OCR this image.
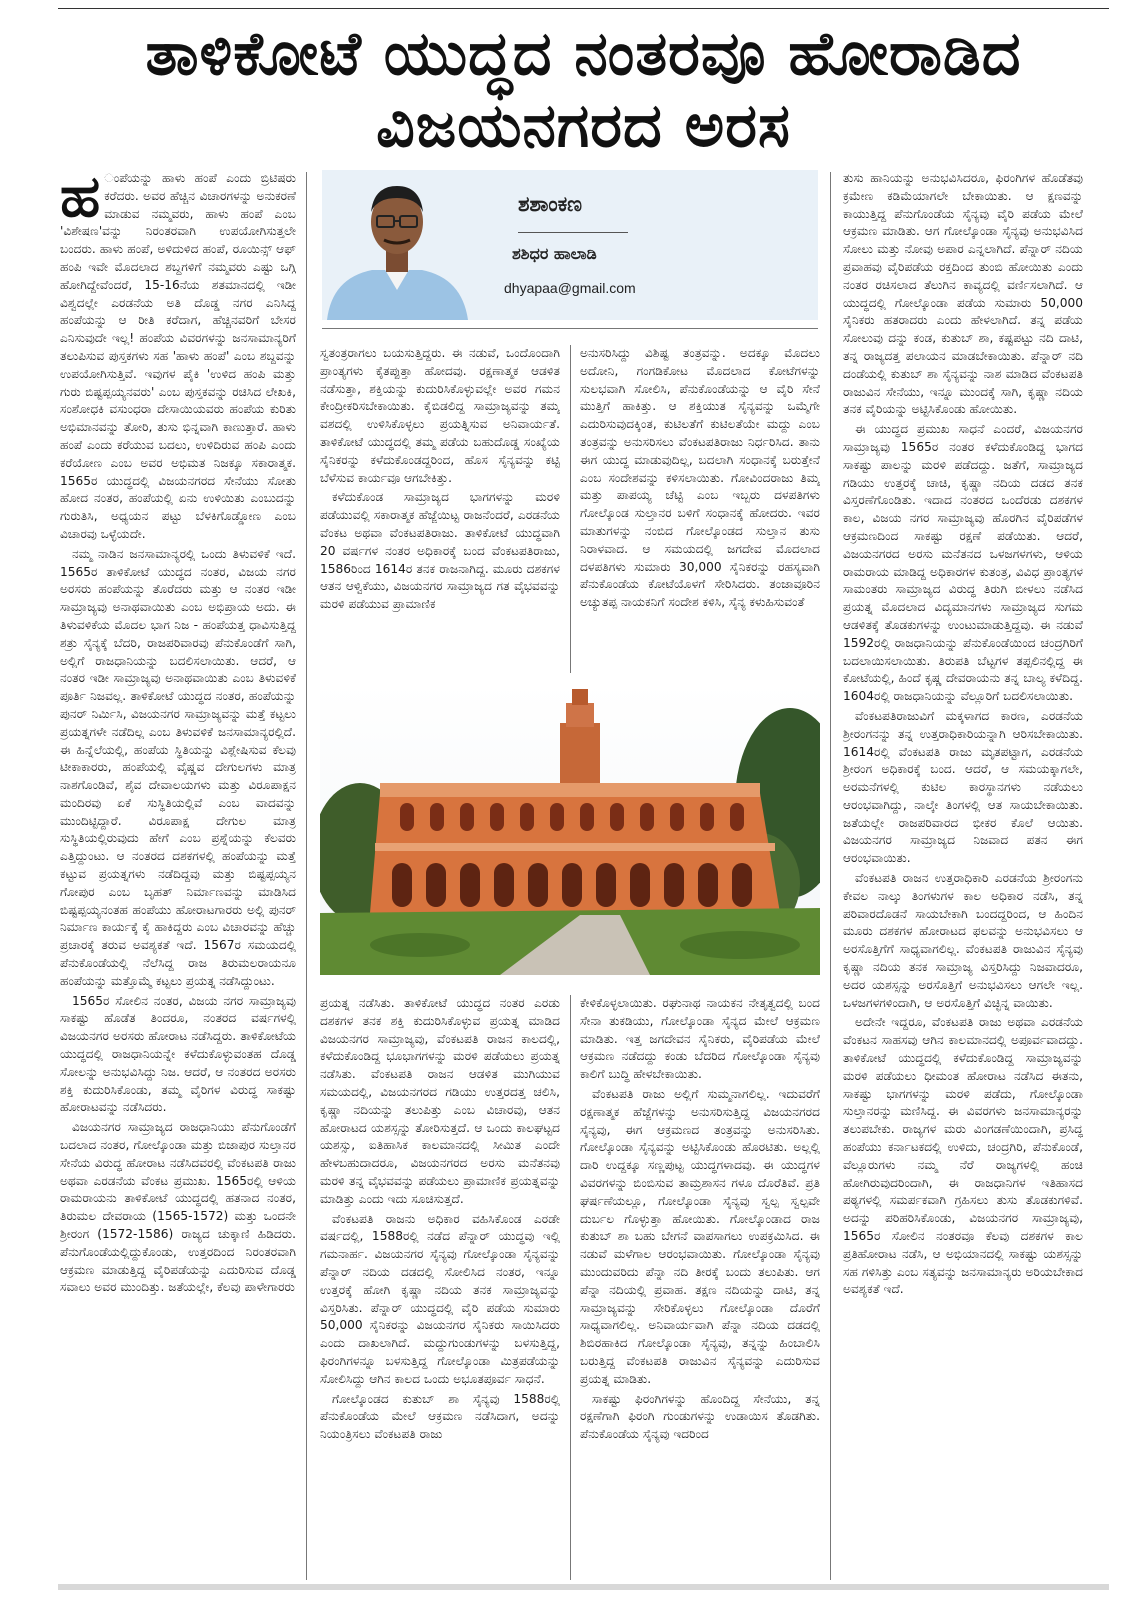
ತಾಳಿಕೋಟೆ ಯುದ್ಧದ ನಂತರವೂ ಹೋರಾಡಿದ
ವಿಜಯನಗರದ ಅರಸ

ಹ ಂಪೆಯನ್ನು ಹಾಳು ಹಂಪೆ ಎಂದು ಬ್ರಿಟಿಷರು ಕರೆದರು. ಅವರ ಹೆಚ್ಚಿನ ವಿಚಾರಗಳನ್ನು ಅನುಕರಣೆ ಮಾಡುವ ನಮ್ಮವರು, ಹಾಳು ಹಂಪೆ ಎಂಬ 'ವಿಶೇಷಣ'ವನ್ನು ನಿರಂತರವಾಗಿ ಉಪಯೋಗಿಸುತ್ತಲೇ ಬಂದರು. ಹಾಳು ಹಂಪೆ, ಅಳಿದುಳಿದ ಹಂಪೆ, ರೂಯಿನ್ಸ್ ಆಫ್ ಹಂಪಿ ಇವೇ ಮೊದಲಾದ ಶಬ್ದಗಳಿಗೆ ನಮ್ಮವರು ಎಷ್ಟು ಒಗ್ಗಿ ಹೋಗಿದ್ದೇವೆಂದರೆ, 15-16ನೆಯ ಶತಮಾನದಲ್ಲಿ ಇಡೀ ವಿಶ್ವದಲ್ಲೇ ಎರಡನೆಯ ಅತಿ ದೊಡ್ಡ ನಗರ ಎನಿಸಿದ್ದ ಹಂಪೆಯನ್ನು ಆ ರೀತಿ ಕರೆದಾಗ, ಹೆಚ್ಚಿನವರಿಗೆ ಬೇಸರ ಎನಿಸುವುದೇ ಇಲ್ಲ! ಹಂಪೆಯ ವಿವರಗಳನ್ನು ಜನಸಾಮಾನ್ಯರಿಗೆ ತಲುಪಿಸುವ ಪುಸ್ತಕಗಳು ಸಹ 'ಹಾಳು ಹಂಪೆ' ಎಂಬ ಶಬ್ದವನ್ನು ಉಪಯೋಗಿಸುತ್ತಿವೆ. ಇವುಗಳ ಪೈಕಿ 'ಉಳಿದ ಹಂಪಿ ಮತ್ತು ಗುರು ಬಿಷ್ಟಪ್ಪಯ್ಯನವರು' ಎಂಬ ಪುಸ್ತಕವನ್ನು ರಚಿಸಿದ ಲೇಖಕಿ, ಸಂಶೋಧಕಿ ವಸುಂಧರಾ ದೇಸಾಯಿಯವರು ಹಂಪೆಯ ಕುರಿತು ಅಭಿಮಾನವನ್ನು ತೋರಿ, ತುಸು ಭಿನ್ನವಾಗಿ ಕಾಣುತ್ತಾರೆ. ಹಾಳು ಹಂಪೆ ಎಂದು ಕರೆಯುವ ಬದಲು, ಉಳಿದಿರುವ ಹಂಪಿ ಎಂದು ಕರೆಯೋಣ ಎಂಬ ಅವರ ಅಭಿಮತ ನಿಜಕ್ಕೂ ಸಕಾರಾತ್ಮಕ. 1565ರ ಯುದ್ಧದಲ್ಲಿ ವಿಜಯನಗರದ ಸೇನೆಯು ಸೋತು ಹೋದ ನಂತರ, ಹಂಪೆಯಲ್ಲಿ ಏನು ಉಳಿಯಿತು ಎಂಬುದನ್ನು ಗುರುತಿಸಿ, ಅಧ್ಯಯನ ಪಟ್ಟು ಬೆಳಕಿಗೊಡ್ಡೋಣ ಎಂಬ ವಿಚಾರವು ಒಳ್ಳೆಯದೇ.

ನಮ್ಮ ನಾಡಿನ ಜನಸಾಮಾನ್ಯರಲ್ಲಿ ಒಂದು ತಿಳುವಳಿಕೆ ಇದೆ. 1565ರ ತಾಳಿಕೋಟೆ ಯುದ್ಧದ ನಂತರ, ವಿಜಯ ನಗರ ಅರಸರು ಹಂಪೆಯನ್ನು ತೊರೆದರು ಮತ್ತು ಆ ನಂತರ ಇಡೀ ಸಾಮ್ರಾಜ್ಯವು ಅನಾಥವಾಯಿತು ಎಂಬ ಅಭಿಪ್ರಾಯ ಅದು. ಈ ತಿಳುವಳಿಕೆಯ ಮೊದಲ ಭಾಗ ನಿಜ - ಹಂಪೆಯತ್ತ ಧಾವಿಸುತ್ತಿದ್ದ ಶತ್ರು ಸೈನ್ಯಕ್ಕೆ ಬೆದರಿ, ರಾಜಪರಿವಾರವು ಪೆನುಕೊಂಡೆಗೆ ಸಾಗಿ, ಅಲ್ಲಿಗೆ ರಾಜಧಾನಿಯನ್ನು ಬದಲಿಸಲಾಯಿತು. ಆದರೆ, ಆ ನಂತರ ಇಡೀ ಸಾಮ್ರಾಜ್ಯವು ಅನಾಥವಾಯಿತು ಎಂಬ ತಿಳುವಳಿಕೆ ಪೂರ್ತಿ ನಿಜವಲ್ಲ. ತಾಳಿಕೋಟೆ ಯುದ್ಧದ ನಂತರ, ಹಂಪೆಯನ್ನು ಪುನರ್ ನಿರ್ಮಿಸಿ, ವಿಜಯನಗರ ಸಾಮ್ರಾಜ್ಯವನ್ನು ಮತ್ತೆ ಕಟ್ಟಲು ಪ್ರಯತ್ನಗಳೇ ನಡೆದಿಲ್ಲ ಎಂಬ ತಿಳುವಳಿಕೆ ಜನಸಾಮಾನ್ಯರಲ್ಲಿದೆ. ಈ ಹಿನ್ನೆಲೆಯಲ್ಲಿ, ಹಂಪೆಯ ಸ್ಥಿತಿಯನ್ನು ವಿಶ್ಲೇಷಿಸುವ ಕೆಲವು ಟೀಕಾಕಾರರು, ಹಂಪೆಯಲ್ಲಿ ವೈಷ್ಣವ ದೇಗುಲಗಳು ಮಾತ್ರ ನಾಶಗೊಂಡಿವೆ, ಶೈವ ದೇವಾಲಯಗಳು ಮತ್ತು ವಿರೂಪಾಕ್ಷನ ಮಂದಿರವು ಏಕೆ ಸುಸ್ಥಿತಿಯಲ್ಲಿವೆ ಎಂಬ ವಾದವನ್ನು ಮುಂದಿಟ್ಟಿದ್ದಾರೆ. ವಿರೂಪಾಕ್ಷ ದೇಗುಲ ಮಾತ್ರ ಸುಸ್ಥಿತಿಯಲ್ಲಿರುವುದು ಹೇಗೆ ಎಂಬ ಪ್ರಶ್ನೆಯನ್ನು ಕೆಲವರು ಎತ್ತಿದ್ದುಂಟು. ಆ ನಂತರದ ದಶಕಗಳಲ್ಲಿ ಹಂಪೆಯನ್ನು ಮತ್ತೆ ಕಟ್ಟುವ ಪ್ರಯತ್ನಗಳು ನಡೆದಿದ್ದವು ಮತ್ತು ಬಿಷ್ಟಪ್ಪಯ್ಯನ ಗೋಪುರ ಎಂಬ ಬೃಹತ್ ನಿರ್ಮಾಣವನ್ನು ಮಾಡಿಸಿದ ಬಿಷ್ಟಪ್ಪಯ್ಯನಂತಹ ಹಂಪೆಯು ಹೋರಾಟಗಾರರು ಅಲ್ಲಿ ಪುನರ್ ನಿರ್ಮಾಣ ಕಾರ್ಯಕ್ಕೆ ಕೈ ಹಾಕಿದ್ದರು ಎಂಬ ವಿಚಾರವನ್ನು ಹೆಚ್ಚು ಪ್ರಚಾರಕ್ಕೆ ತರುವ ಅವಶ್ಯಕತೆ ಇದೆ. 1567ರ ಸಮಯದಲ್ಲಿ ಪೆನುಕೊಂಡೆಯಲ್ಲಿ ನೆಲೆಸಿದ್ದ ರಾಜ ತಿರುಮಲರಾಯನೂ ಹಂಪೆಯನ್ನು ಮತ್ತೊಮ್ಮೆ ಕಟ್ಟಲು ಪ್ರಯತ್ನ ನಡೆಸಿದ್ದುಂಟು.

1565ರ ಸೋಲಿನ ನಂತರ, ವಿಜಯ ನಗರ ಸಾಮ್ರಾಜ್ಯವು ಸಾಕಷ್ಟು ಹೊಡೆತ ತಿಂದರೂ, ನಂತರದ ವರ್ಷಗಳಲ್ಲಿ ವಿಜಯನಗರ ಅರಸರು ಹೋರಾಟ ನಡೆಸಿದ್ದರು. ತಾಳಿಕೋಟೆಯ ಯುದ್ಧದಲ್ಲಿ ರಾಜಧಾನಿಯನ್ನೇ ಕಳೆದುಕೊಳ್ಳುವಂತಹ ದೊಡ್ಡ ಸೋಲನ್ನು ಅನುಭವಿಸಿದ್ದು ನಿಜ. ಆದರೆ, ಆ ನಂತರದ ಅರಸರು ಶಕ್ತಿ ಕುದುರಿಸಿಕೊಂಡು, ತಮ್ಮ ವೈರಿಗಳ ವಿರುದ್ಧ ಸಾಕಷ್ಟು ಹೋರಾಟವನ್ನು ನಡೆಸಿದರು.

ವಿಜಯನಗರ ಸಾಮ್ರಾಜ್ಯದ ರಾಜಧಾನಿಯು ಪೆನುಗೊಂಡೆಗೆ ಬದಲಾದ ನಂತರ, ಗೋಲ್ಕೊಂಡಾ ಮತ್ತು ಬಿಜಾಪುರ ಸುಲ್ತಾನರ ಸೇನೆಯ ವಿರುದ್ಧ ಹೋರಾಟ ನಡೆಸಿದವರಲ್ಲಿ ವೆಂಕಟಪತಿ ರಾಜು ಅಥವಾ ಎರಡನೆಯ ವೆಂಕಟ ಪ್ರಮುಖ. 1565ರಲ್ಲಿ ಆಳಿಯ ರಾಮರಾಯನು ತಾಳಿಕೋಟೆ ಯುದ್ಧದಲ್ಲಿ ಹತನಾದ ನಂತರ, ತಿರುಮಲ ದೇವರಾಯ (1565-1572) ಮತ್ತು ಒಂದನೇ ಶ್ರೀರಂಗ (1572-1586) ರಾಜ್ಯದ ಚುಕ್ಕಾಣಿ ಹಿಡಿದರು. ಪೆನುಗೊಂಡೆಯಲ್ಲಿದ್ದುಕೊಂಡು, ಉತ್ತರದಿಂದ ನಿರಂತರವಾಗಿ ಆಕ್ರಮಣ ಮಾಡುತ್ತಿದ್ದ ವೈರಿಪಡೆಯನ್ನು ಎದುರಿಸುವ ದೊಡ್ಡ ಸವಾಲು ಅವರ ಮುಂದಿತ್ತು. ಜತೆಯಲ್ಲೇ, ಕೆಲವು ಪಾಳೇಗಾರರು

ಶಶಾಂಕಣ
ಶಶಿಧರ ಹಾಲಾಡಿ
dhyapaa@gmail.com

ಸ್ವತಂತ್ರರಾಗಲು ಬಯಸುತ್ತಿದ್ದರು. ಈ ನಡುವೆ, ಒಂದೊಂದಾಗಿ ಪ್ರಾಂತ್ಯಗಳು ಕೈತಪ್ಪುತ್ತಾ ಹೋದವು. ರಕ್ಷಣಾತ್ಮಕ ಆಡಳಿತ ನಡೆಸುತ್ತಾ, ಶಕ್ತಿಯನ್ನು ಕುದುರಿಸಿಕೊಳ್ಳುವಲ್ಲೇ ಅವರ ಗಮನ ಕೇಂದ್ರೀಕರಿಸಬೇಕಾಯಿತು. ಕೈಬಿಡಲಿದ್ದ ಸಾಮ್ರಾಜ್ಯವನ್ನು ತಮ್ಮ ವಶದಲ್ಲಿ ಉಳಿಸಿಕೊಳ್ಳಲು ಪ್ರಯತ್ನಿಸುವ ಅನಿವಾರ್ಯತೆ. ತಾಳಿಕೋಟೆ ಯುದ್ಧದಲ್ಲಿ ತಮ್ಮ ಪಡೆಯ ಬಹುದೊಡ್ಡ ಸಂಖ್ಯೆಯ ಸೈನಿಕರನ್ನು ಕಳೆದುಕೊಂಡದ್ದರಿಂದ, ಹೊಸ ಸೈನ್ಯವನ್ನು ಕಟ್ಟಿ ಬೆಳೆಸುವ ಕಾರ್ಯವೂ ಆಗಬೇಕಿತ್ತು.

ಕಳೆದುಕೊಂಡ ಸಾಮ್ರಾಜ್ಯದ ಭಾಗಗಳನ್ನು ಮರಳಿ ಪಡೆಯುವಲ್ಲಿ ಸಕಾರಾತ್ಮಕ ಹೆಜ್ಜೆಯಿಟ್ಟ ರಾಜನೆಂದರೆ, ಎರಡನೆಯ ವೆಂಕಟ ಅಥವಾ ವೆಂಕಟಪತಿರಾಜು. ತಾಳಿಕೋಟೆ ಯುದ್ಧವಾಗಿ 20 ವರ್ಷಗಳ ನಂತರ ಅಧಿಕಾರಕ್ಕೆ ಬಂದ ವೆಂಕಟಪತಿರಾಜು, 1586ರಿಂದ 1614ರ ತನಕ ರಾಜನಾಗಿದ್ದ. ಮೂರು ದಶಕಗಳ ಆತನ ಆಳ್ವಿಕೆಯು, ವಿಜಯನಗರ ಸಾಮ್ರಾಜ್ಯದ ಗತ ವೈಭವವನ್ನು ಮರಳಿ ಪಡೆಯುವ ಪ್ರಾಮಾಣಿಕ

ಅನುಸರಿಸಿದ್ದು ವಿಶಿಷ್ಟ ತಂತ್ರವನ್ನು. ಅದಕ್ಕೂ ಮೊದಲು ಅದೋನಿ, ಗಂಗಡಿಕೋಟ ಮೊದಲಾದ ಕೋಟೆಗಳನ್ನು ಸುಲಭವಾಗಿ ಸೋಲಿಸಿ, ಪೆನುಕೊಂಡೆಯನ್ನು ಆ ವೈರಿ ಸೇನೆ ಮುತ್ತಿಗೆ ಹಾಕಿತ್ತು. ಆ ಶಕ್ತಿಯುತ ಸೈನ್ಯವನ್ನು ಒಮ್ಮೆಗೇ ಎದುರಿಸುವುದಕ್ಕಿಂತ, ಕುಟಿಲತೆಗೆ ಕುಟಿಲತೆಯೇ ಮದ್ದು ಎಂಬ ತಂತ್ರವನ್ನು ಅನುಸರಿಸಲು ವೆಂಕಟಪತಿರಾಜು ನಿರ್ಧರಿಸಿದ. ತಾನು ಈಗ ಯುದ್ಧ ಮಾಡುವುದಿಲ್ಲ, ಬದಲಾಗಿ ಸಂಧಾನಕ್ಕೆ ಬರುತ್ತೇನೆ ಎಂಬ ಸಂದೇಶವನ್ನು ಕಳಿಸಲಾಯಿತು. ಗೋವಿಂದರಾಜು ತಿಮ್ಮ ಮತ್ತು ಪಾಪಯ್ಯ ಚೆಟ್ಟಿ ಎಂಬ ಇಬ್ಬರು ದಳಪತಿಗಳು ಗೋಲ್ಕೊಂಡ ಸುಲ್ತಾನರ ಬಳಿಗೆ ಸಂಧಾನಕ್ಕೆ ಹೋದರು. ಇವರ ಮಾತುಗಳನ್ನು ನಂಬಿದ ಗೋಲ್ಕೊಂಡದ ಸುಲ್ತಾನ ತುಸು ನಿರಾಳವಾದ. ಆ ಸಮಯದಲ್ಲಿ ಜಗದೇವ ಮೊದಲಾದ ದಳಪತಿಗಳು ಸುಮಾರು 30,000 ಸೈನಿಕರನ್ನು ರಹಸ್ಯವಾಗಿ ಪೆನುಕೊಂಡೆಯ ಕೋಟೆಯೊಳಗೆ ಸೇರಿಸಿದರು. ತಂಜಾವೂರಿನ ಅಚ್ಯುತಪ್ಪ ನಾಯಕನಿಗೆ ಸಂದೇಶ ಕಳಿಸಿ, ಸೈನ್ಯ ಕಳುಹಿಸುವಂತೆ

ಪ್ರಯತ್ನ ನಡೆಸಿತು. ತಾಳಿಕೋಟೆ ಯುದ್ಧದ ನಂತರ ಎರಡು ದಶಕಗಳ ತನಕ ಶಕ್ತಿ ಕುದುರಿಸಿಕೊಳ್ಳುವ ಪ್ರಯತ್ನ ಮಾಡಿದ ವಿಜಯನಗರ ಸಾಮ್ರಾಜ್ಯವು, ವೆಂಕಟಪತಿ ರಾಜನ ಕಾಲದಲ್ಲಿ, ಕಳೆದುಕೊಂಡಿದ್ದ ಭೂಭಾಗಗಳನ್ನು ಮರಳಿ ಪಡೆಯಲು ಪ್ರಯತ್ನ ನಡೆಸಿತು. ವೆಂಕಟಪತಿ ರಾಜನ ಆಡಳಿತ ಮುಗಿಯುವ ಸಮಯದಲ್ಲಿ, ವಿಜಯನಗರದ ಗಡಿಯು ಉತ್ತರದತ್ತ ಚಲಿಸಿ, ಕೃಷ್ಣಾ ನದಿಯನ್ನು ತಲುಪಿತ್ತು ಎಂಬ ವಿಚಾರವು, ಆತನ ಹೋರಾಟದ ಯಶಸ್ಸನ್ನು ತೋರಿಸುತ್ತದೆ. ಆ ಒಂದು ಕಾಲಘಟ್ಟದ ಯಶಸ್ಸು, ಐತಿಹಾಸಿಕ ಕಾಲಮಾನದಲ್ಲಿ ಸೀಮಿತ ಎಂದೇ ಹೇಳಬಹುದಾದರೂ, ವಿಜಯನಗರದ ಅರಸು ಮನೆತನವು ಮರಳಿ ತನ್ನ ವೈಭವವನ್ನು ಪಡೆಯಲು ಪ್ರಾಮಾಣಿಕ ಪ್ರಯತ್ನವನ್ನು ಮಾಡಿತ್ತು ಎಂದು ಇದು ಸೂಚಿಸುತ್ತದೆ.

ವೆಂಕಟಪತಿ ರಾಜನು ಅಧಿಕಾರ ವಹಿಸಿಕೊಂಡ ಎರಡೇ ವರ್ಷದಲ್ಲಿ, 1588ರಲ್ಲಿ ನಡೆದ ಪೆನ್ನಾರ್ ಯುದ್ಧವು ಇಲ್ಲಿ ಗಮನಾರ್ಹ. ವಿಜಯನಗರ ಸೈನ್ಯವು ಗೋಲ್ಕೊಂಡಾ ಸೈನ್ಯವನ್ನು ಪೆನ್ನಾರ್ ನದಿಯ ದಡದಲ್ಲಿ ಸೋಲಿಸಿದ ನಂತರ, ಇನ್ನೂ ಉತ್ತರಕ್ಕೆ ಹೋಗಿ ಕೃಷ್ಣಾ ನದಿಯ ತನಕ ಸಾಮ್ರಾಜ್ಯವನ್ನು ವಿಸ್ತರಿಸಿತು. ಪೆನ್ನಾರ್ ಯುದ್ಧದಲ್ಲಿ ವೈರಿ ಪಡೆಯ ಸುಮಾರು 50,000 ಸೈನಿಕರನ್ನು ವಿಜಯನಗರ ಸೈನಿಕರು ಸಾಯಿಸಿದರು ಎಂದು ದಾಖಲಾಗಿದೆ. ಮದ್ದುಗುಂಡುಗಳನ್ನು ಬಳಸುತ್ತಿದ್ದ, ಫಿರಂಗಿಗಳನ್ನೂ ಬಳಸುತ್ತಿದ್ದ ಗೋಲ್ಕೊಂಡಾ ಮಿತ್ರಪಡೆಯನ್ನು ಸೋಲಿಸಿದ್ದು ಆಗಿನ ಕಾಲದ ಒಂದು ಅಭೂತಪೂರ್ವ ಸಾಧನೆ.

ಗೋಲ್ಕೊಂಡದ ಕುತುಬ್ ಶಾ ಸೈನ್ಯವು 1588ರಲ್ಲಿ ಪೆನುಕೊಂಡೆಯ ಮೇಲೆ ಆಕ್ರಮಣ ನಡೆಸಿದಾಗ, ಅದನ್ನು ನಿಯಂತ್ರಿಸಲು ವೆಂಕಟಪತಿ ರಾಜು

ಕೇಳಿಕೊಳ್ಳಲಾಯಿತು. ರಘುನಾಥ ನಾಯಕನ ನೇತೃತ್ವದಲ್ಲಿ ಬಂದ ಸೇನಾ ತುಕಡಿಯು, ಗೋಲ್ಕೊಂಡಾ ಸೈನ್ಯದ ಮೇಲೆ ಆಕ್ರಮಣ ಮಾಡಿತು. ಇತ್ತ ಜಗದೇವನ ಸೈನಿಕರು, ವೈರಿಪಡೆಯ ಮೇಲೆ ಆಕ್ರಮಣ ನಡೆದದ್ದು ಕಂಡು ಬೆದರಿದ ಗೋಲ್ಕೊಂಡಾ ಸೈನ್ಯವು ಕಾಲಿಗೆ ಬುದ್ಧಿ ಹೇಳಬೇಕಾಯಿತು.

ವೆಂಕಟಪತಿ ರಾಜು ಅಲ್ಲಿಗೆ ಸುಮ್ಮನಾಗಲಿಲ್ಲ. ಇದುವರೆಗೆ ರಕ್ಷಣಾತ್ಮಕ ಹೆಜ್ಜೆಗಳನ್ನು ಅನುಸರಿಸುತ್ತಿದ್ದ ವಿಜಯನಗರದ ಸೈನ್ಯವು, ಈಗ ಆಕ್ರಮಣದ ತಂತ್ರವನ್ನು ಅನುಸರಿಸಿತು. ಗೋಲ್ಕೊಂಡಾ ಸೈನ್ಯವನ್ನು ಅಟ್ಟಿಸಿಕೊಂಡು ಹೊರಟಿತು. ಅಲ್ಲಲ್ಲಿ ದಾರಿ ಉದ್ದಕ್ಕೂ ಸಣ್ಣಪುಟ್ಟ ಯುದ್ಧಗಳಾದವು. ಈ ಯುದ್ಧಗಳ ವಿವರಗಳನ್ನು ಬಿಂಬಿಸುವ ತಾಮ್ರಶಾಸನ ಗಳೂ ದೊರೆತಿವೆ. ಪ್ರತಿ ಘರ್ಷಣೆಯಲ್ಲೂ, ಗೋಲ್ಕೊಂಡಾ ಸೈನ್ಯವು ಸ್ವಲ್ಪ ಸ್ವಲ್ಪವೇ ದುರ್ಬಲ ಗೊಳ್ಳುತ್ತಾ ಹೋಯಿತು. ಗೋಲ್ಕೊಂಡಾದ ರಾಜ ಕುತುಬ್ ಶಾ ಬಹು ಬೇಗನೆ ವಾಪಸಾಗಲು ಉಪಕ್ರಮಿಸಿದ. ಈ ನಡುವೆ ಮಳೆಗಾಲ ಆರಂಭವಾಯಿತು. ಗೋಲ್ಕೊಂಡಾ ಸೈನ್ಯವು ಮುಂದುವರಿದು ಪೆನ್ನಾ ನದಿ ತೀರಕ್ಕೆ ಬಂದು ತಲುಪಿತು. ಆಗ ಪೆನ್ನಾ ನದಿಯಲ್ಲಿ ಪ್ರವಾಹ. ತಕ್ಷಣ ನದಿಯನ್ನು ದಾಟಿ, ತನ್ನ ಸಾಮ್ರಾಜ್ಯವನ್ನು ಸೇರಿಕೊಳ್ಳಲು ಗೋಲ್ಕೊಂಡಾ ದೊರೆಗೆ ಸಾಧ್ಯವಾಗಲಿಲ್ಲ. ಅನಿವಾರ್ಯವಾಗಿ ಪೆನ್ನಾ ನದಿಯ ದಡದಲ್ಲಿ ಶಿಬಿರಹಾಕಿದ ಗೋಲ್ಕೊಂಡಾ ಸೈನ್ಯವು, ತನ್ನನ್ನು ಹಿಂಬಾಲಿಸಿ ಬರುತ್ತಿದ್ದ ವೆಂಕಟಪತಿ ರಾಜುವಿನ ಸೈನ್ಯವನ್ನು ಎದುರಿಸುವ ಪ್ರಯತ್ನ ಮಾಡಿತು.

ಸಾಕಷ್ಟು ಫಿರಂಗಿಗಳನ್ನು ಹೊಂದಿದ್ದ ಸೇನೆಯು, ತನ್ನ ರಕ್ಷಣೆಗಾಗಿ ಫಿರಂಗಿ ಗುಂಡುಗಳನ್ನು ಉಡಾಯಿಸ ತೊಡಗಿತು. ಪೆನುಕೊಂಡೆಯ ಸೈನ್ಯವು ಇದರಿಂದ

ತುಸು ಹಾನಿಯನ್ನು ಅನುಭವಿಸಿದರೂ, ಫಿರಂಗಿಗಳ ಹೊಡೆತವು ಕ್ರಮೇಣ ಕಡಿಮೆಯಾಗಲೇ ಬೇಕಾಯಿತು. ಆ ಕ್ಷಣವನ್ನು ಕಾಯುತ್ತಿದ್ದ ಪೆನುಗೊಂಡೆಯ ಸೈನ್ಯವು ವೈರಿ ಪಡೆಯ ಮೇಲೆ ಆಕ್ರಮಣ ಮಾಡಿತು. ಆಗ ಗೋಲ್ಕೊಂಡಾ ಸೈನ್ಯವು ಅನುಭವಿಸಿದ ಸೋಲು ಮತ್ತು ನೋವು ಅಪಾರ ಎನ್ನಲಾಗಿದೆ. ಪೆನ್ನಾರ್ ನದಿಯ ಪ್ರವಾಹವು ವೈರಿಪಡೆಯ ರಕ್ತದಿಂದ ತುಂಬಿ ಹೋಯಿತು ಎಂದು ನಂತರ ರಚಿಸಲಾದ ತೆಲುಗಿನ ಕಾವ್ಯದಲ್ಲಿ ವರ್ಣಿಸಲಾಗಿದೆ. ಆ ಯುದ್ಧದಲ್ಲಿ ಗೋಲ್ಕೊಂಡಾ ಪಡೆಯ ಸುಮಾರು 50,000 ಸೈನಿಕರು ಹತರಾದರು ಎಂದು ಹೇಳಲಾಗಿದೆ. ತನ್ನ ಪಡೆಯ ಸೋಲುವು ದನ್ನು ಕಂಡ, ಕುತುಬ್ ಶಾ, ಕಷ್ಟಪಟ್ಟು ನದಿ ದಾಟಿ, ತನ್ನ ರಾಜ್ಯದತ್ತ ಪಲಾಯನ ಮಾಡಬೇಕಾಯಿತು. ಪೆನ್ನಾರ್ ನದಿ ದಂಡೆಯಲ್ಲಿ ಕುತುಬ್ ಶಾ ಸೈನ್ಯವನ್ನು ನಾಶ ಮಾಡಿದ ವೆಂಕಟಪತಿ ರಾಜುವಿನ ಸೇನೆಯು, ಇನ್ನೂ ಮುಂದಕ್ಕೆ ಸಾಗಿ, ಕೃಷ್ಣಾ ನದಿಯ ತನಕ ವೈರಿಯನ್ನು ಅಟ್ಟಿಸಿಕೊಂಡು ಹೋಯಿತು.

ಈ ಯುದ್ಧದ ಪ್ರಮುಖ ಸಾಧನೆ ಎಂದರೆ, ವಿಜಯನಗರ ಸಾಮ್ರಾಜ್ಯವು 1565ರ ನಂತರ ಕಳೆದುಕೊಂಡಿದ್ದ ಭಾಗದ ಸಾಕಷ್ಟು ಪಾಲನ್ನು ಮರಳಿ ಪಡೆದದ್ದು. ಜತೆಗೆ, ಸಾಮ್ರಾಜ್ಯದ ಗಡಿಯು ಉತ್ತರಕ್ಕೆ ಚಾಚಿ, ಕೃಷ್ಣಾ ನದಿಯ ದಡದ ತನಕ ವಿಸ್ತರಣೆಗೊಂಡಿತು. ಇದಾದ ನಂತರದ ಒಂದೆರಡು ದಶಕಗಳ ಕಾಲ, ವಿಜಯ ನಗರ ಸಾಮ್ರಾಜ್ಯವು ಹೊರಗಿನ ವೈರಿಪಡೆಗಳ ಆಕ್ರಮಣದಿಂದ ಸಾಕಷ್ಟು ರಕ್ಷಣೆ ಪಡೆಯಿತು. ಆದರೆ, ವಿಜಯನಗರದ ಅರಸು ಮನೆತನದ ಒಳಜಗಳಗಳು, ಆಳಿಯ ರಾಮರಾಯ ಮಾಡಿದ್ದ ಅಧಿಕಾರಗಳ ಕುತಂತ್ರ, ವಿವಿಧ ಪ್ರಾಂತ್ಯಗಳ ಸಾಮಂತರು ಸಾಮ್ರಾಜ್ಯದ ವಿರುದ್ಧ ತಿರುಗಿ ಬೀಳಲು ನಡೆಸಿದ ಪ್ರಯತ್ನ ಮೊದಲಾದ ವಿದ್ಯಮಾನಗಳು ಸಾಮ್ರಾಜ್ಯದ ಸುಗಮ ಆಡಳಿತಕ್ಕೆ ತೊಡಕುಗಳನ್ನು ಉಂಟುಮಾಡುತ್ತಿದ್ದವು. ಈ ನಡುವೆ 1592ರಲ್ಲಿ ರಾಜಧಾನಿಯನ್ನು ಪೆನುಕೊಂಡೆಯಿಂದ ಚಂದ್ರಗಿರಿಗೆ ಬದಲಾಯಿಸಲಾಯಿತು. ತಿರುಪತಿ ಬೆಟ್ಟಗಳ ತಪ್ಪಲಿನಲ್ಲಿದ್ದ ಈ ಕೋಟೆಯಲ್ಲಿ, ಹಿಂದೆ ಕೃಷ್ಣ ದೇವರಾಯನು ತನ್ನ ಬಾಲ್ಯ ಕಳೆದಿದ್ದ. 1604ರಲ್ಲಿ ರಾಜಧಾನಿಯನ್ನು ವೆಲ್ಲೂರಿಗೆ ಬದಲಿಸಲಾಯಿತು.

ವೆಂಕಟಪತಿರಾಜುವಿಗೆ ಮಕ್ಕಳಾಗದ ಕಾರಣ, ಎರಡನೆಯ ಶ್ರೀರಂಗನನ್ನು ತನ್ನ ಉತ್ತರಾಧಿಕಾರಿಯನ್ನಾಗಿ ಆರಿಸಬೇಕಾಯಿತು. 1614ರಲ್ಲಿ ವೆಂಕಟಪತಿ ರಾಜು ಮೃತಪಟ್ಟಾಗ, ಎರಡನೆಯ ಶ್ರೀರಂಗ ಅಧಿಕಾರಕ್ಕೆ ಬಂದ. ಆದರೆ, ಆ ಸಮಯಕ್ಕಾಗಲೇ, ಅರಮನೆಗಳಲ್ಲಿ ಕುಟಿಲ ಕಾರಸ್ಥಾನಗಳು ನಡೆಯಲು ಆರಂಭವಾಗಿದ್ದು, ನಾಲ್ಕೇ ತಿಂಗಳಲ್ಲಿ ಆತ ಸಾಯಬೇಕಾಯಿತು. ಜತೆಯಲ್ಲೇ ರಾಜಪರಿವಾರದ ಭೀಕರ ಕೊಲೆ ಆಯಿತು. ವಿಜಯನಗರ ಸಾಮ್ರಾಜ್ಯದ ನಿಜವಾದ ಪತನ ಈಗ ಆರಂಭವಾಯಿತು.

ವೆಂಕಟಪತಿ ರಾಜನ ಉತ್ತರಾಧಿಕಾರಿ ಎರಡನೆಯ ಶ್ರೀರಂಗನು ಕೇವಲ ನಾಲ್ಕು ತಿಂಗಳುಗಳ ಕಾಲ ಅಧಿಕಾರ ನಡೆಸಿ, ತನ್ನ ಪರಿವಾರದೊಡನೆ ಸಾಯಬೇಕಾಗಿ ಬಂದದ್ದರಿಂದ, ಆ ಹಿಂದಿನ ಮೂರು ದಶಕಗಳ ಹೋರಾಟದ ಫಲವನ್ನು ಅನುಭವಿಸಲು ಆ ಅರಸೊತ್ತಿಗೆಗೆ ಸಾಧ್ಯವಾಗಲಿಲ್ಲ. ವೆಂಕಟಪತಿ ರಾಜುವಿನ ಸೈನ್ಯವು ಕೃಷ್ಣಾ ನದಿಯ ತನಕ ಸಾಮ್ರಾಜ್ಯ ವಿಸ್ತರಿಸಿದ್ದು ನಿಜವಾದರೂ, ಅದರ ಯಶಸ್ಸನ್ನು ಅರಸೊತ್ತಿಗೆ ಅನುಭವಿಸಲು ಆಗಲೇ ಇಲ್ಲ. ಒಳಜಗಳಗಳಿಂದಾಗಿ, ಆ ಅರಸೊತ್ತಿಗೆ ವಿಚ್ಛಿನ್ನ ವಾಯಿತು.

ಅದೇನೇ ಇದ್ದರೂ, ವೆಂಕಟಪತಿ ರಾಜು ಅಥವಾ ಎರಡನೆಯ ವೆಂಕಟನ ಸಾಹಸವು ಆಗಿನ ಕಾಲಮಾನದಲ್ಲಿ ಅಪೂರ್ವವಾದದ್ದು. ತಾಳಿಕೋಟೆ ಯುದ್ಧದಲ್ಲಿ ಕಳೆದುಕೊಂಡಿದ್ದ ಸಾಮ್ರಾಜ್ಯವನ್ನು ಮರಳಿ ಪಡೆಯಲು ಧೀಮಂತ ಹೋರಾಟ ನಡೆಸಿದ ಈತನು, ಸಾಕಷ್ಟು ಭಾಗಗಳನ್ನು ಮರಳಿ ಪಡೆದು, ಗೋಲ್ಕೊಂಡಾ ಸುಲ್ತಾನರನ್ನು ಮಣಿಸಿದ್ದ. ಈ ವಿವರಗಳು ಜನಸಾಮಾನ್ಯರನ್ನು ತಲುಪಬೇಕು. ರಾಜ್ಯಗಳ ಮರು ವಿಂಗಡಣೆಯಿಂದಾಗಿ, ಪ್ರಸಿದ್ಧ ಹಂಪೆಯು ಕರ್ನಾಟಕದಲ್ಲಿ ಉಳಿದು, ಚಂದ್ರಗಿರಿ, ಪೆನುಕೊಂಡೆ, ವೆಲ್ಲೂರುಗಳು ನಮ್ಮ ನೆರೆ ರಾಜ್ಯಗಳಲ್ಲಿ ಹಂಚಿ ಹೋಗಿರುವುದರಿಂದಾಗಿ, ಈ ರಾಜಧಾನಿಗಳ ಇತಿಹಾಸದ ಪಠ್ಯಗಳಲ್ಲಿ ಸಮರ್ಪಕವಾಗಿ ಗ್ರಹಿಸಲು ತುಸು ತೊಡಕುಗಳಿವೆ. ಅದನ್ನು ಪರಿಹರಿಸಿಕೊಂಡು, ವಿಜಯನಗರ ಸಾಮ್ರಾಜ್ಯವು, 1565ರ ಸೋಲಿನ ನಂತರವೂ ಕೆಲವು ದಶಕಗಳ ಕಾಲ ಪ್ರತಿಹೋರಾಟ ನಡೆಸಿ, ಆ ಅಭಿಯಾನದಲ್ಲಿ ಸಾಕಷ್ಟು ಯಶಸ್ಸನ್ನು ಸಹ ಗಳಿಸಿತ್ತು ಎಂಬ ಸತ್ಯವನ್ನು ಜನಸಾಮಾನ್ಯರು ಅರಿಯಬೇಕಾದ ಅವಶ್ಯಕತೆ ಇದೆ.
